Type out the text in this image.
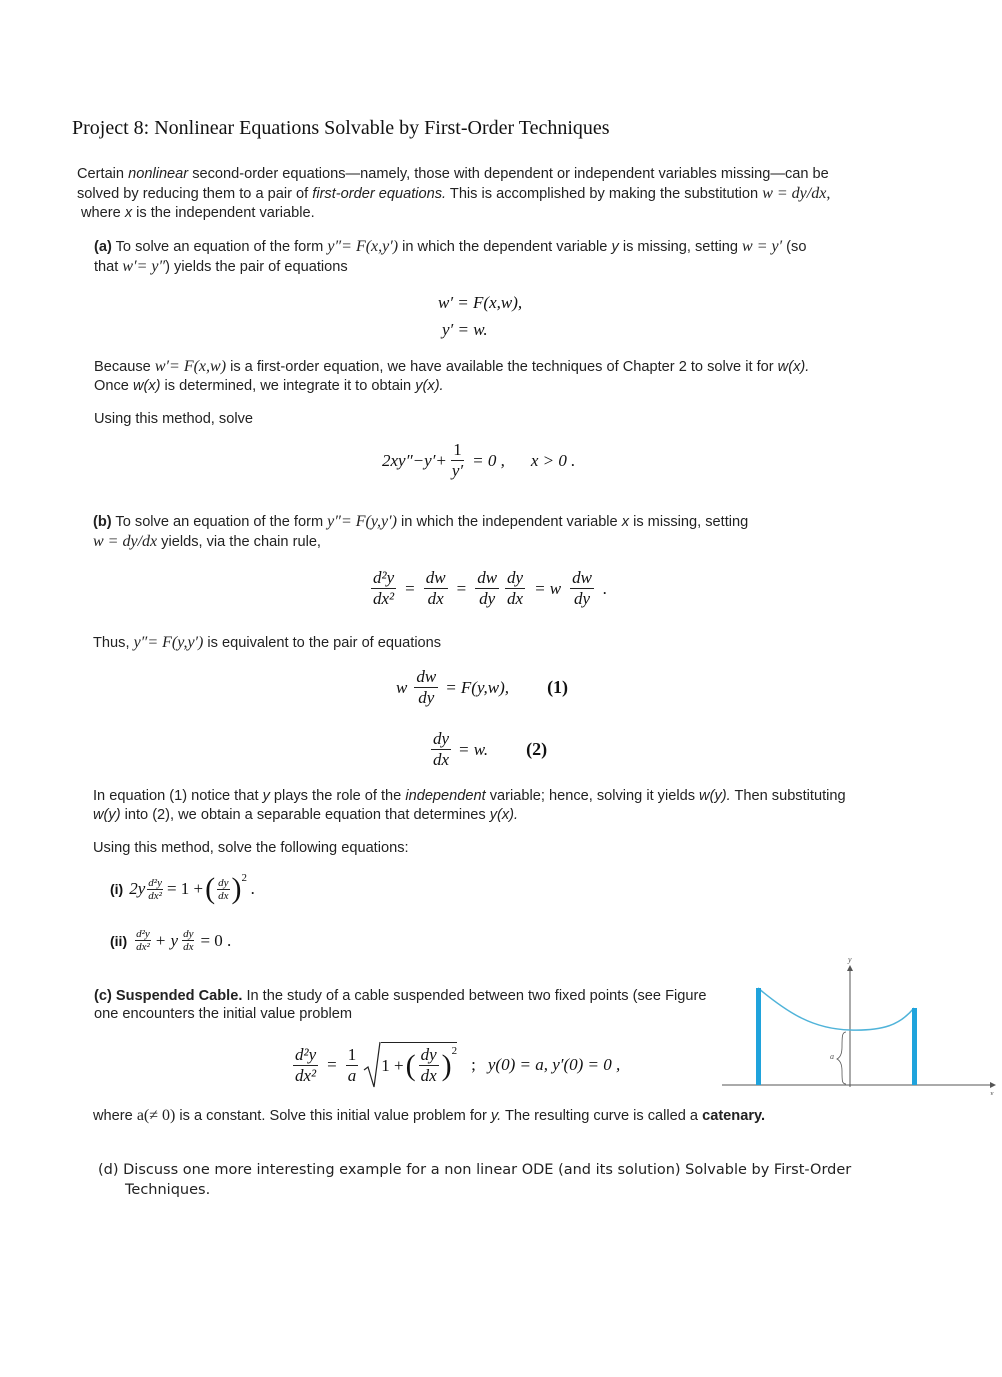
Project 8: Nonlinear Equations Solvable by First-Order Techniques
Certain nonlinear second-order equations—namely, those with dependent or independent variables missing—can be
solved by reducing them to a pair of first-order equations. This is accomplished by making the substitution w = dy/dx,
where x is the independent variable.
(a) To solve an equation of the form y″= F(x,y′) in which the dependent variable y is missing, setting w = y′ (so
that w′= y″) yields the pair of equations
w′ = F(x,w),
y′ = w.
Because w′= F(x,w) is a first-order equation, we have available the techniques of Chapter 2 to solve it for w(x).
Once w(x) is determined, we integrate it to obtain y(x).
Using this method, solve
$2xy''-y'+ \frac{1}{y'} = 0$ , x > 0 .
(b) To solve an equation of the form y″= F(y,y′) in which the independent variable x is missing, setting
w = dy/dx yields, via the chain rule,
$\frac{\text{d²y}}{\text{dx²}} = \frac{dw}{dx} = \frac{dw}{dy} \frac{dy}{dx} = w \frac{dw}{dy}$ .
Thus, y″= F(y,y′) is equivalent to the pair of equations
w $\frac{dw}{dy} = F(y,w)$, (1)
$\frac{dy}{dx} = w$. (2)
In equation (1) notice that y plays the role of the independent variable; hence, solving it yields w(y). Then substituting
w(y) into (2), we obtain a separable equation that determines y(x).
Using this method, solve the following equations:
(i) $2y \frac{\text{d²y}}{\text{dx²}} = 1$ + ( $\frac{dy}{dx}$ ) 2
.
$(ii) \frac{\text{d²y}}{\text{dx²}} + y \frac{dy}{dx} = 0$ .
(c) Suspended Cable. In the study of a cable suspended between two fixed points (see Figure
one encounters the initial value problem
$\frac{\text{d²y}}{\text{dx²}} = \frac{1}{a} 1$ + ( $\frac{dy}{dx}$ ) 2
; y(0) = a, y′(0) = 0 ,
y
x
a
where a(≠ 0) is a constant. Solve this initial value problem for y. The resulting curve is called a catenary.
(d) Discuss one more interesting example for a non linear ODE (and its solution) Solvable by First-Order
Techniques.
